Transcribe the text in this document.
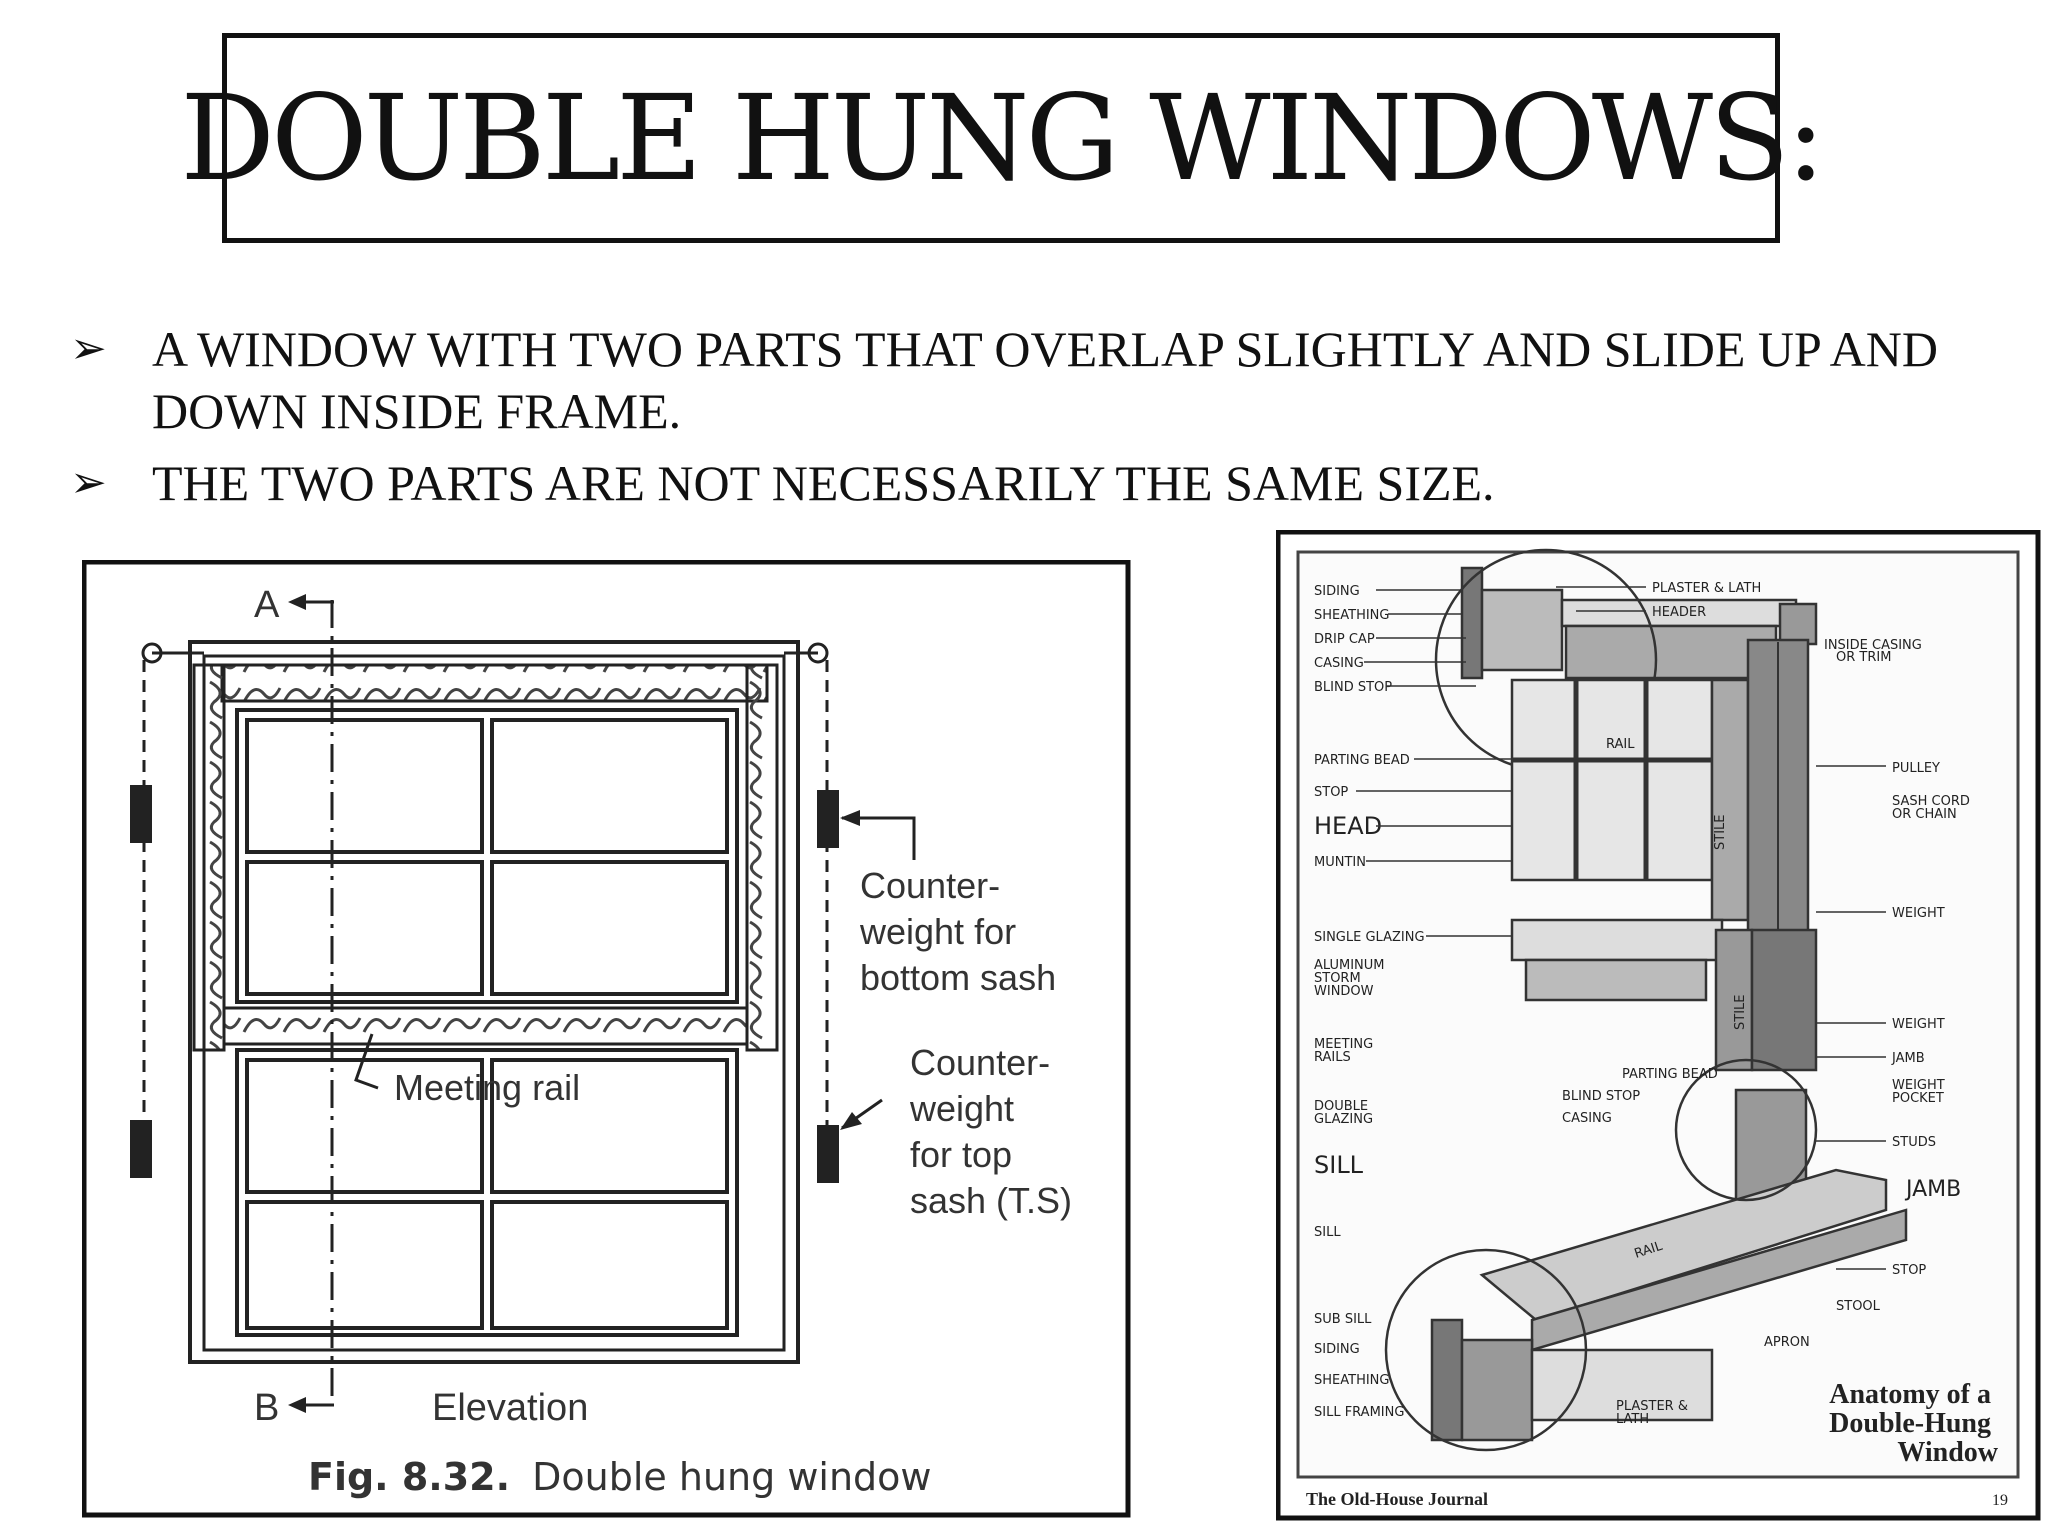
DOUBLE HUNG WINDOWS:
➢ A WINDOW WITH TWO PARTS THAT OVERLAP SLIGHTLY AND SLIDE UP AND DOWN INSIDE FRAME.
➢ THE TWO PARTS ARE NOT NECESSARILY THE SAME SIZE.
A
B
Meeting rail
Counter- weight for bottom sash
Counter- weight for top sash (T.S)
Elevation
Fig. 8.32. Double hung window
SIDING
SHEATHING
DRIP CAP
CASING
BLIND STOP
PARTING BEAD
STOP
HEAD
MUNTIN
SINGLE GLAZING
ALUMINUM
STORM
WINDOW
MEETING
RAILS
DOUBLE
GLAZING
SILL
SILL
SUB SILL
SIDING
SHEATHING
SILL FRAMING
PLASTER & LATH
HEADER
INSIDE CASING
OR TRIM
PULLEY
SASH CORD
OR CHAIN
WEIGHT
WEIGHT
JAMB
WEIGHT
POCKET
STUDS
JAMB
STOP
STOOL
APRON
RAIL
STILE
STILE
PARTING BEAD
BLIND STOP
CASING
RAIL
PLASTER &
LATH
Anatomy of a Double-Hung Window
The Old-House Journal	19
